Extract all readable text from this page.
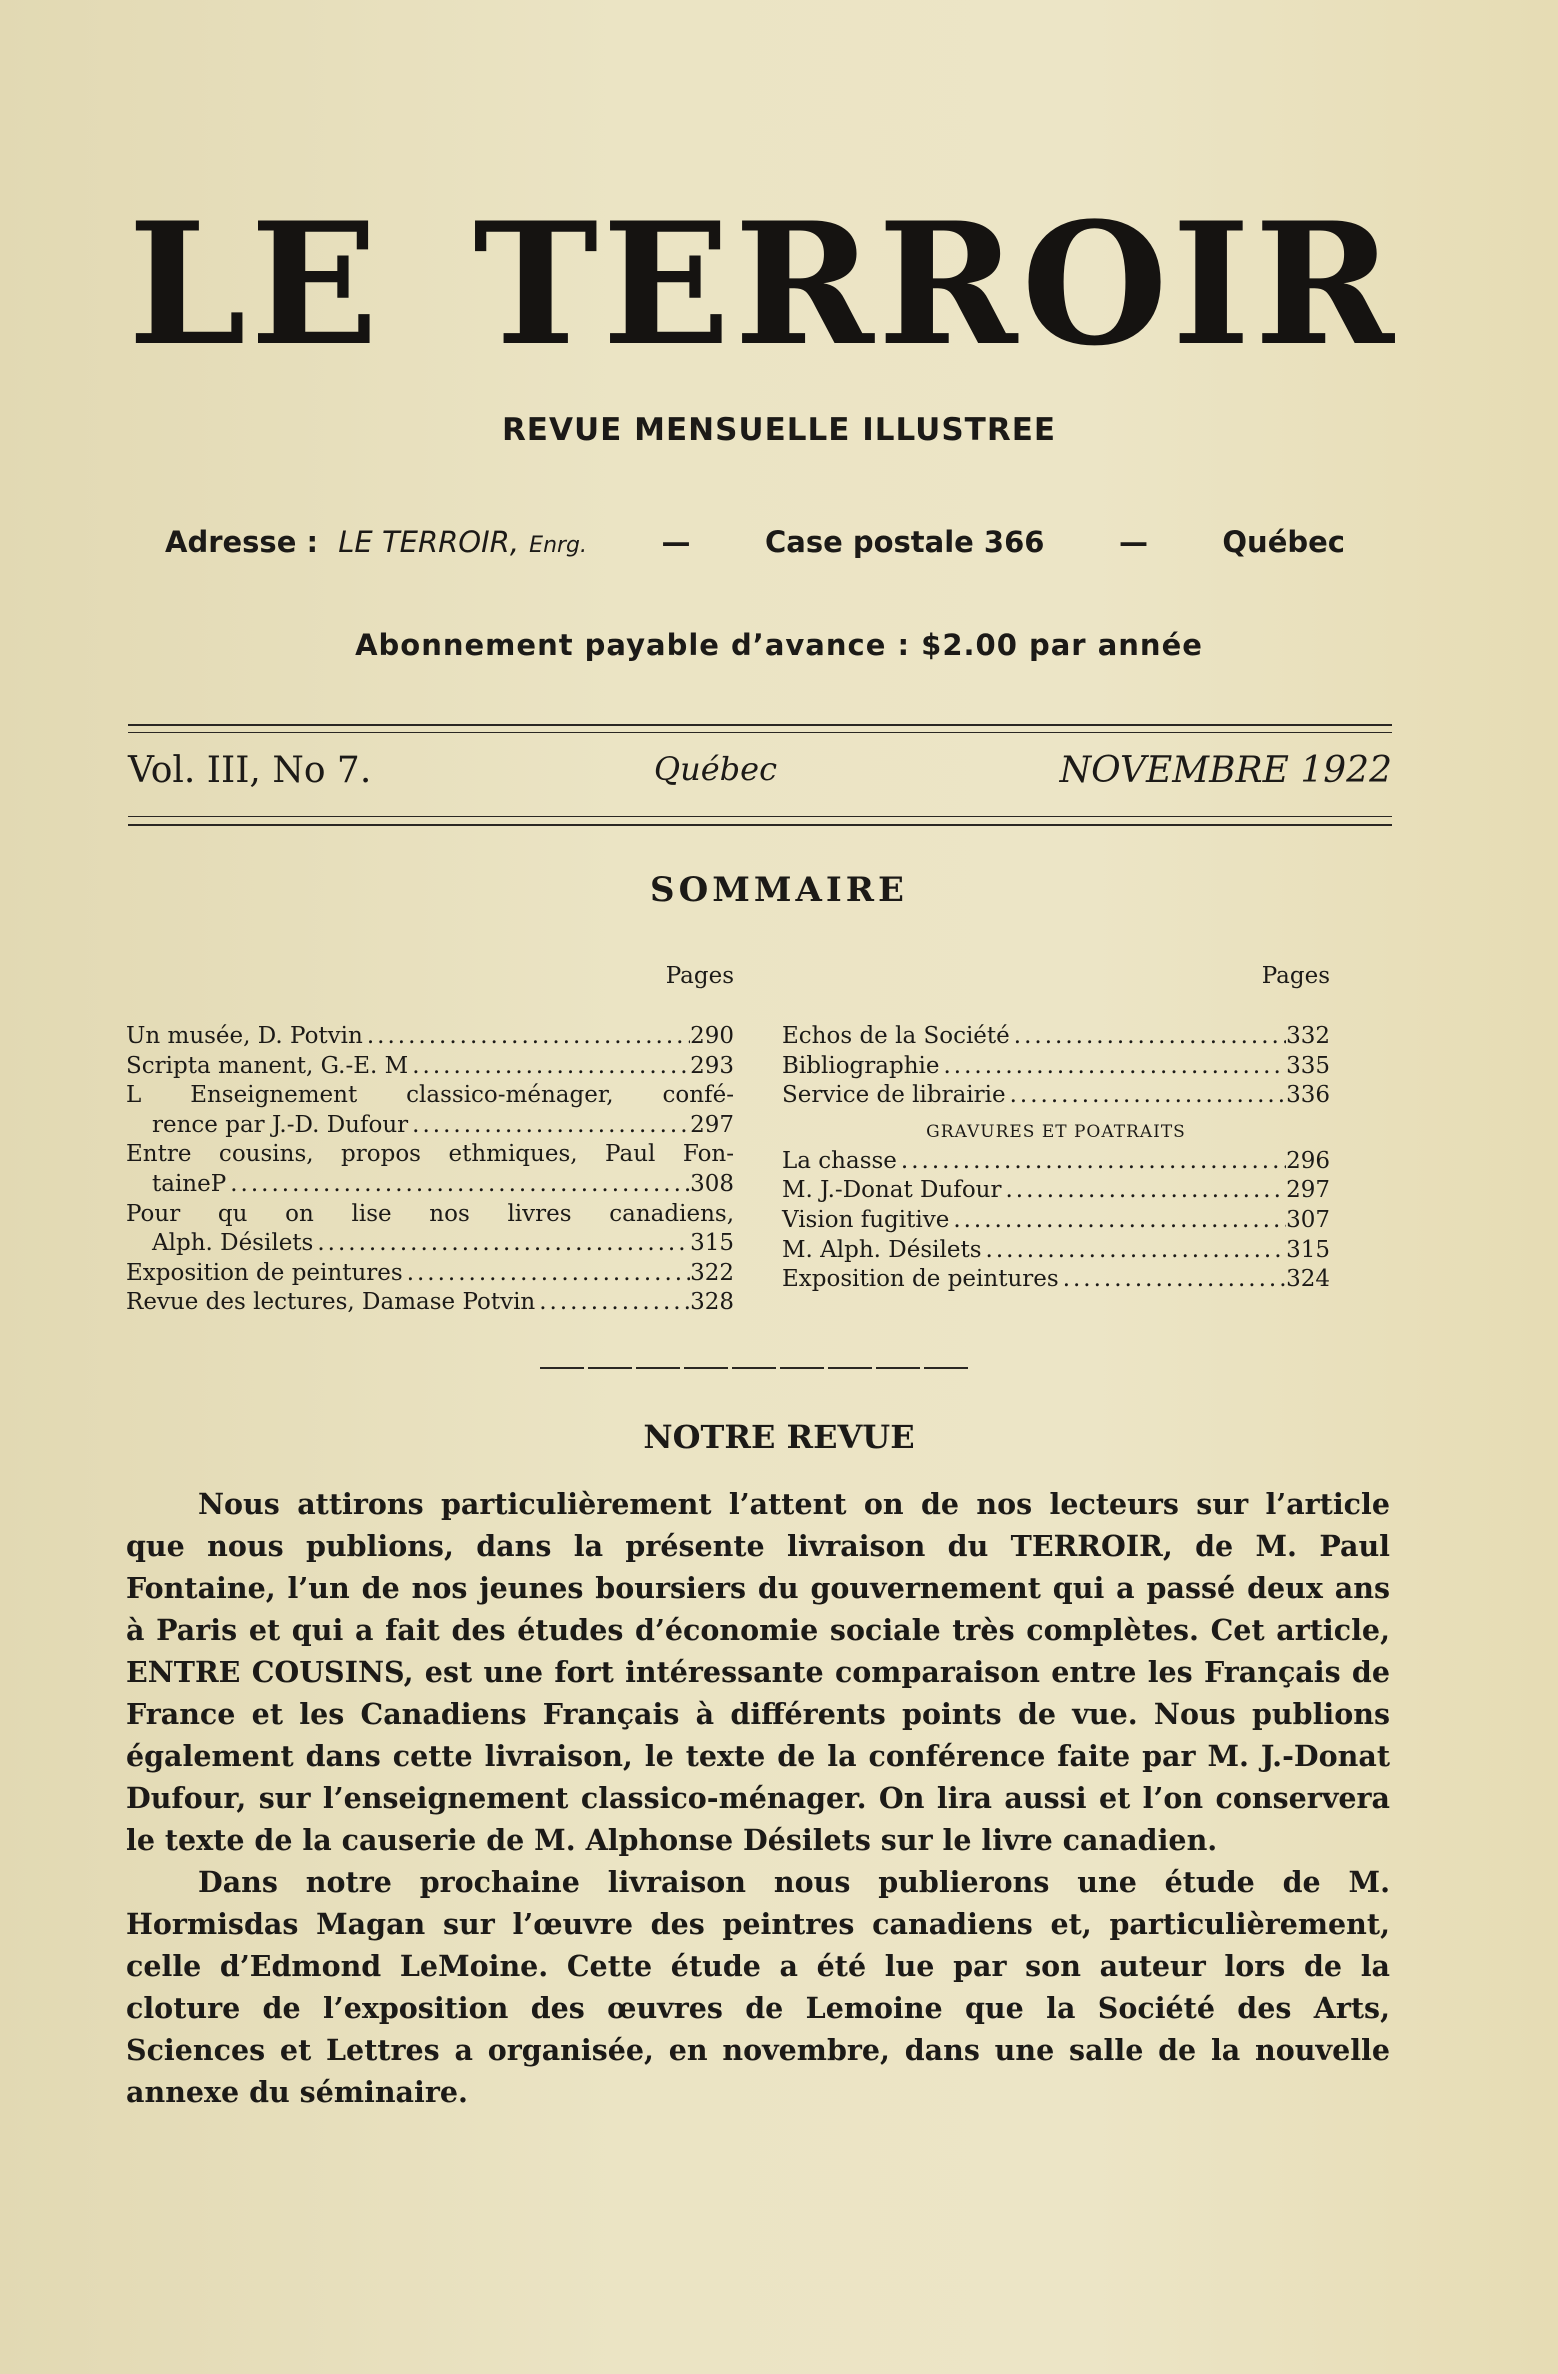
LE TERROIR
REVUE MENSUELLE ILLUSTREE
Adresse : LE TERROIR, Enrg.	—	Case postale 366	—	Québec
Abonnement payable d’avance : $2.00 par année
Vol. III, No 7.	Québec	NOVEMBRE 1922
SOMMAIRE
Pages
Un musée, D. Potvin .....	290
Scripta manent, G.-E. M .....	293
L Enseignement classico-ménager, confé-
rence par J.-D. Dufour .....	297
Entre cousins, propos ethmiques, Paul Fon-
taineP .....	308
Pour qu on lise nos livres canadiens,
Alph. Désilets .....	315
Exposition de peintures .....	322
Revue des lectures, Damase Potvin .....	328
Pages
Echos de la Société .....	332
Bibliographie .....	335
Service de librairie .....	336
GRAVURES ET POATRAITS
La chasse .....	296
M. J.-Donat Dufour .....	297
Vision fugitive .....	307
M. Alph. Désilets .....	315
Exposition de peintures .....	324
NOTRE REVUE

Nous attirons particulièrement l’attent on de nos lecteurs sur l’article que nous publions, dans la présente livraison du TERROIR, de M. Paul Fontaine, l’un de nos jeunes boursiers du gouvernement qui a passé deux ans à Paris et qui a fait des études d’économie sociale très complètes. Cet article, ENTRE COUSINS, est une fort intéressante comparaison entre les Français de France et les Canadiens Français à différents points de vue. Nous publions également dans cette livraison, le texte de la conférence faite par M. J.-Donat Dufour, sur l’enseignement classico-ménager. On lira aussi et l’on conservera le texte de la causerie de M. Alphonse Désilets sur le livre canadien.

Dans notre prochaine livraison nous publierons une étude de M. Hormisdas Magan sur l’œuvre des peintres canadiens et, particulièrement, celle d’Edmond LeMoine. Cette étude a été lue par son auteur lors de la cloture de l’exposition des œuvres de Lemoine que la Société des Arts, Sciences et Lettres a organisée, en novembre, dans une salle de la nouvelle annexe du séminaire.
